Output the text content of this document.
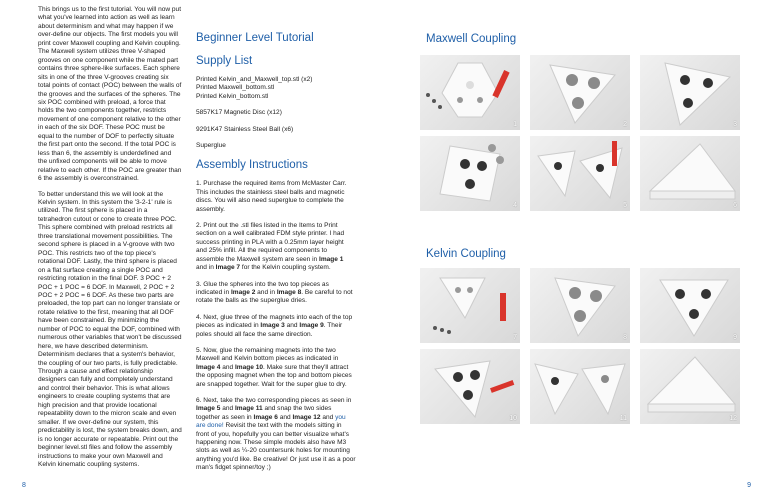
This brings us to the first tutorial. You will now put what you've learned into action as well as learn about determinism and what may happen if we over-define our objects. The first models you will print cover Maxwell coupling and Kelvin coupling. The Maxwell system utilizes three V-shaped grooves on one component while the mated part contains three sphere-like surfaces. Each sphere sits in one of the three V-grooves creating six total points of contact (POC) between the walls of the grooves and the surfaces of the spheres. The six POC combined with preload, a force that holds the two components together, restricts movement of one component relative to the other in each of the six DOF. These POC must be equal to the number of DOF to perfectly situate the first part onto the second. If the total POC is less than 6, the assembly is underdefined and the unfixed components will be able to move relative to each other. If the POC are greater than 6 the assembly is overconstrained.

To better understand this we will look at the Kelvin system. In this system the '3-2-1' rule is utilized. The first sphere is placed in a tetrahedron cutout or cone to create three POC. This sphere combined with preload restricts all three translational movement possibilities. The second sphere is placed in a V-groove with two POC. This restricts two of the top piece's rotational DOF. Lastly, the third sphere is placed on a flat surface creating a single POC and restricting rotation in the final DOF. 3 POC + 2 POC + 1 POC = 6 DOF. In Maxwell, 2 POC + 2 POC + 2 POC = 6 DOF. As these two parts are preloaded, the top part can no longer translate or rotate relative to the first, meaning that all DOF have been constrained. By minimizing the number of POC to equal the DOF, combined with numerous other variables that won't be discussed here, we have described determinism. Determinism declares that a system's behavior, the coupling of our two parts, is fully predictable. Through a cause and effect relationship designers can fully and completely understand and control their behavior. This is what allows engineers to create coupling systems that are high precision and that provide locational repeatability down to the micron scale and even smaller. If we over-define our system, this predictability is lost, the system breaks down, and is no longer accurate or repeatable. Print out the beginner level.stl files and follow the assembly instructions to make your own Maxwell and Kelvin kinematic coupling systems.

Beginner Level Tutorial
Supply List

Printed Kelvin_and_Maxwell_top.stl (x2)

Printed Maxwell_bottom.stl

Printed Kelvin_bottom.stl

5857K17 Magnetic Disc (x12)

9291K47 Stainless Steel Ball (x6)

Superglue

Assembly Instructions

1. Purchase the required items from McMaster Carr. This includes the stainless steel balls and magnetic discs. You will also need superglue to complete the assembly.

2. Print out the .stl files listed in the Items to Print section on a well calibrated FDM style printer. I had success printing in PLA with a 0.25mm layer height and 25% infill. All the required components to assemble the Maxwell system are seen in Image 1 and in Image 7 for the Kelvin coupling system.

3. Glue the spheres into the two top pieces as indicated in Image 2 and in Image 8. Be careful to not rotate the balls as the superglue dries.

4. Next, glue three of the magnets into each of the top pieces as indicated in Image 3 and Image 9. Their poles should all face the same direction.

5. Now, glue the remaining magnets into the two Maxwell and Kelvin bottom pieces as indicated in Image 4 and Image 10. Make sure that they'll attract the opposing magnet when the top and bottom pieces are snapped together. Wait for the super glue to dry.

6. Next, take the two corresponding pieces as seen in Image 5 and Image 11 and snap the two sides together as seen in Image 6 and Image 12 and you are done! Revisit the text with the models sitting in front of you, hopefully you can better visualize what's happening now. These simple models also have M3 slots as well as ¼-20 countersunk holes for mounting anything you'd like. Be creative! Or just use it as a poor man's fidget spinner/toy ;)

Maxwell Coupling
Kelvin Coupling
1	2	3
4	5	6
7	8	9
10	11	12
8	9
